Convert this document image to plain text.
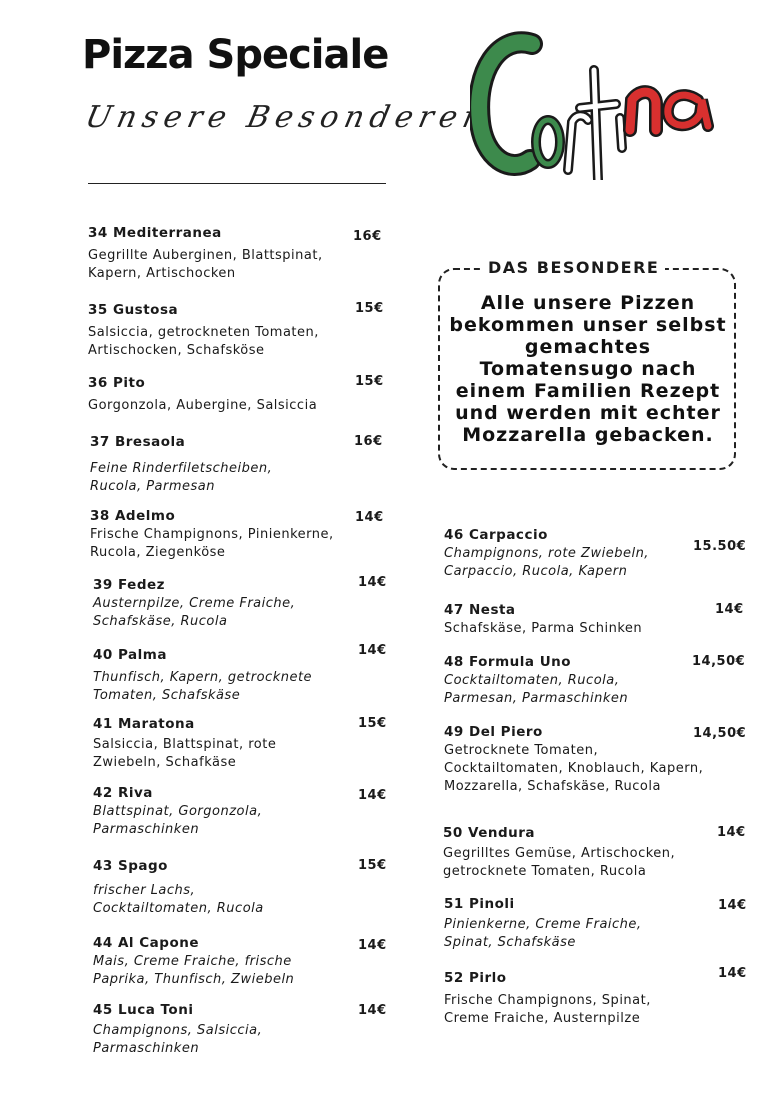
Pizza Speciale
Unsere Besonderen
34 Mediterranea
Gegrillte Auberginen, Blattspinat, Kapern, Artischocken
16€
35 Gustosa
Salsiccia, getrockneten Tomaten, Artischocken, Schafsköse
15€
36 Pito
Gorgonzola, Aubergine, Salsiccia
15€
37 Bresaola
Feine Rinderfiletscheiben, Rucola, Parmesan
16€
38 Adelmo
Frische Champignons, Pinienkerne, Rucola, Ziegenköse
14€
39 Fedez
Austernpilze, Creme Fraiche, Schafskäse, Rucola
14€
40 Palma
Thunfisch, Kapern, getrocknete Tomaten, Schafskäse
14€
41 Maratona
Salsiccia, Blattspinat, rote Zwiebeln, Schafkäse
15€
42 Riva
Blattspinat, Gorgonzola, Parmaschinken
14€
43 Spago
frischer Lachs, Cocktailtomaten, Rucola
15€
44 Al Capone
Mais, Creme Fraiche, frische Paprika, Thunfisch, Zwiebeln
14€
45 Luca Toni
Champignons, Salsiccia, Parmaschinken
14€
DAS BESONDERE
Alle unsere Pizzen bekommen unser selbst gemachtes Tomatensugo nach einem Familien Rezept und werden mit echter Mozzarella gebacken.
46 Carpaccio
Champignons, rote Zwiebeln, Carpaccio, Rucola, Kapern
15.50€
47 Nesta
Schafskäse, Parma Schinken
14€
48 Formula Uno
Cocktailtomaten, Rucola, Parmesan, Parmaschinken
14,50€
49 Del Piero
Getrocknete Tomaten, Cocktailtomaten, Knoblauch, Kapern, Mozzarella, Schafskäse, Rucola
14,50€
50 Vendura
Gegrilltes Gemüse, Artischocken, getrocknete Tomaten, Rucola
14€
51 Pinoli
Pinienkerne, Creme Fraiche, Spinat, Schafskäse
14€
52 Pirlo
Frische Champignons, Spinat, Creme Fraiche, Austernpilze
14€
